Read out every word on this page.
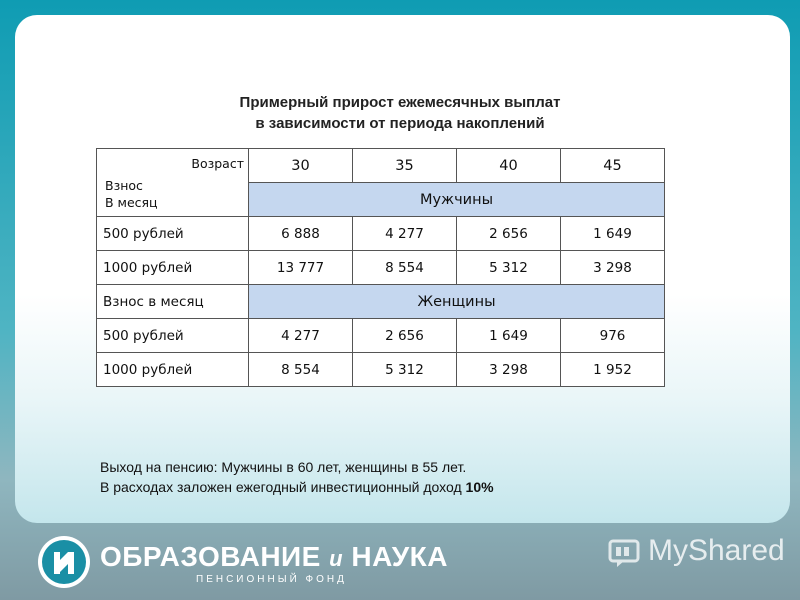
Примерный прирост ежемесячных выплат
в зависимости от периода накоплений
Возраст
Взнос
В месяц	30	35	40	45
	Мужчины			
500 рублей	6 888	4 277	2 656	1 649
1000 рублей	13 777	8 554	5 312	3 298
Взнос в месяц	Женщины			
500 рублей	4 277	2 656	1 649	976
1000 рублей	8 554	5 312	3 298	1 952
Выход на пенсию: Мужчины в 60 лет, женщины в 55 лет.
В расходах заложен ежегодный инвестиционный доход 10%
ОБРАЗОВАНИЕ и НАУКА
ПЕНСИОННЫЙ ФОНД
MyShared
